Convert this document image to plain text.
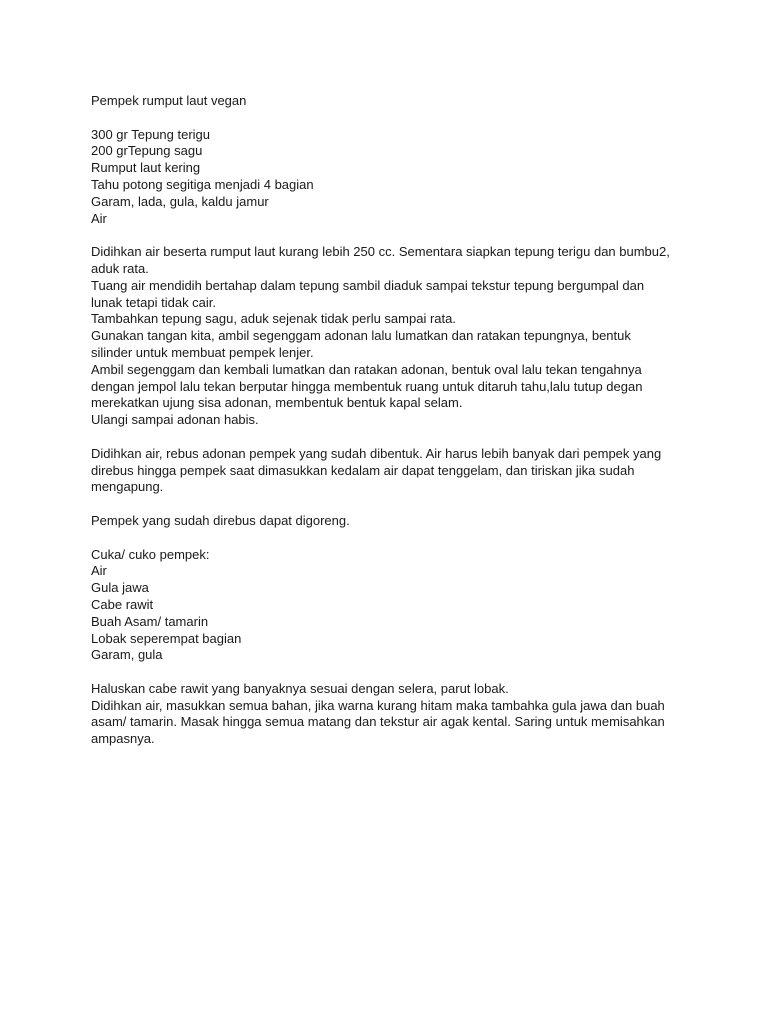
Pempek rumput laut vegan
300 gr Tepung terigu
200 grTepung sagu
Rumput laut kering
Tahu potong segitiga menjadi 4 bagian
Garam, lada, gula, kaldu jamur
Air
Didihkan air beserta rumput laut kurang lebih 250 cc. Sementara siapkan tepung terigu dan bumbu2,
aduk rata.
Tuang air mendidih bertahap dalam tepung sambil diaduk sampai tekstur tepung bergumpal dan
lunak tetapi tidak cair.
Tambahkan tepung sagu, aduk sejenak tidak perlu sampai rata.
Gunakan tangan kita, ambil segenggam adonan lalu lumatkan dan ratakan tepungnya, bentuk
silinder untuk membuat pempek lenjer.
Ambil segenggam dan kembali lumatkan dan ratakan adonan, bentuk oval lalu tekan tengahnya
dengan jempol lalu tekan berputar hingga membentuk ruang untuk ditaruh tahu,lalu tutup degan
merekatkan ujung sisa adonan, membentuk bentuk kapal selam.
Ulangi sampai adonan habis.
Didihkan air, rebus adonan pempek yang sudah dibentuk. Air harus lebih banyak dari pempek yang
direbus hingga pempek saat dimasukkan kedalam air dapat tenggelam, dan tiriskan jika sudah
mengapung.
Pempek yang sudah direbus dapat digoreng.
Cuka/ cuko pempek:
Air
Gula jawa
Cabe rawit
Buah Asam/ tamarin
Lobak seperempat bagian
Garam, gula
Haluskan cabe rawit yang banyaknya sesuai dengan selera, parut lobak.
Didihkan air, masukkan semua bahan, jika warna kurang hitam maka tambahka gula jawa dan buah
asam/ tamarin. Masak hingga semua matang dan tekstur air agak kental. Saring untuk memisahkan
ampasnya.
